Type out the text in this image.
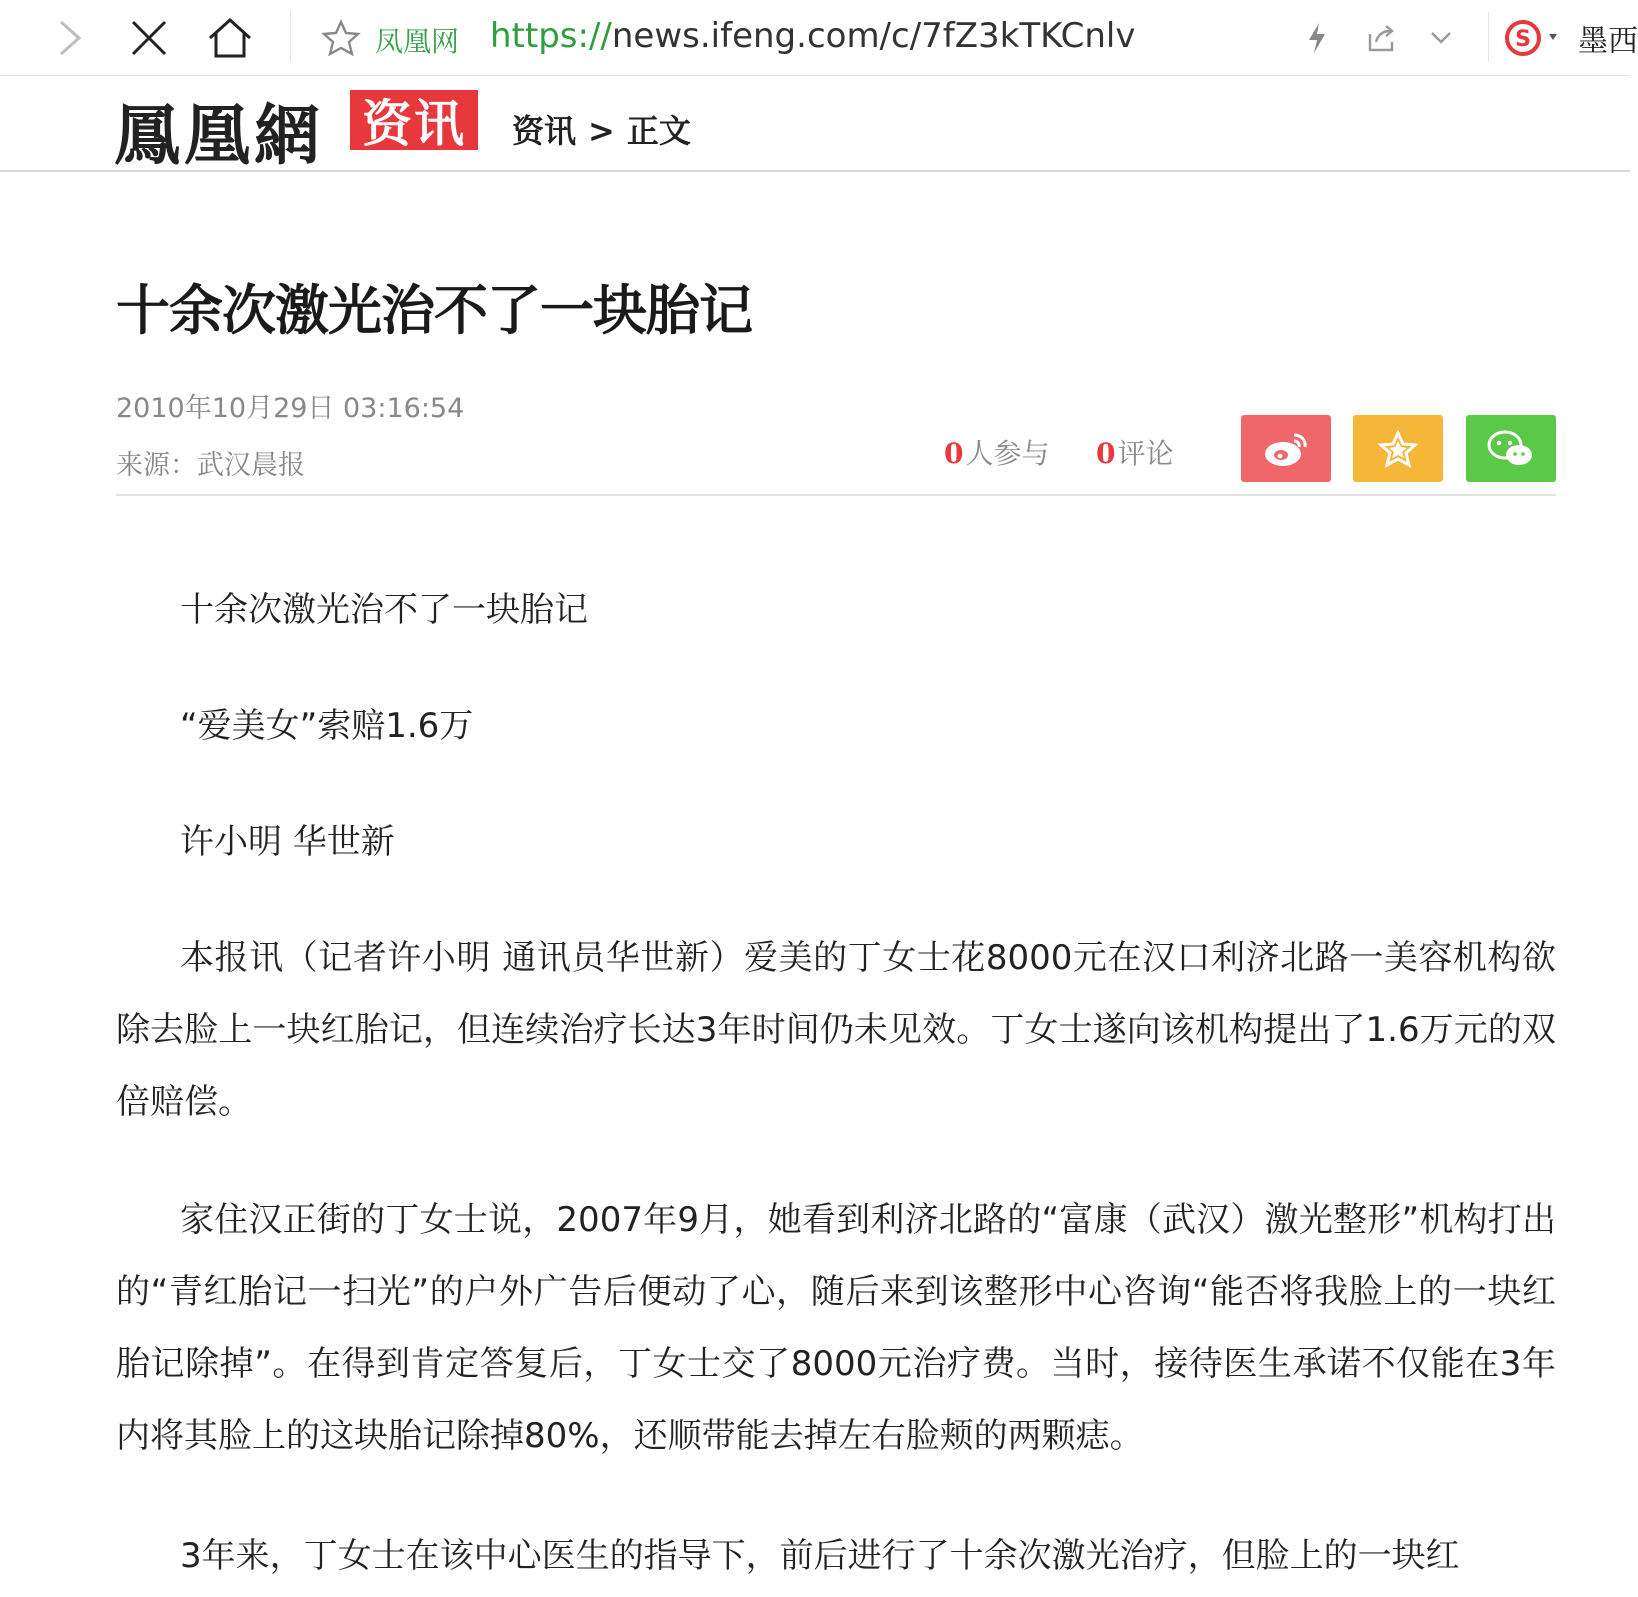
凤凰网 https://news.ifeng.com/c/7fZ3kTKCnlv	S 墨西
鳳凰網 资讯	资讯 > 正文
十余次激光治不了一块胎记
2010年10月29日 03:16:54
来源：武汉晨报	0人参与 0评论

十余次激光治不了一块胎记

“爱美女”索赔1.6万

许小明 华世新

本报讯（记者许小明 通讯员华世新）爱美的丁女士花8000元在汉口利济北路一美容机构欲除去脸上一块红胎记，但连续治疗长达3年时间仍未见效。丁女士遂向该机构提出了1.6万元的双倍赔偿。

家住汉正街的丁女士说，2007年9月，她看到利济北路的“富康（武汉）激光整形”机构打出的“青红胎记一扫光”的户外广告后便动了心，随后来到该整形中心咨询“能否将我脸上的一块红胎记除掉”。在得到肯定答复后，丁女士交了8000元治疗费。当时，接待医生承诺不仅能在3年内将其脸上的这块胎记除掉80%，还顺带能去掉左右脸颊的两颗痣。

3年来，丁女士在该中心医生的指导下，前后进行了十余次激光治疗，但脸上的一块红
